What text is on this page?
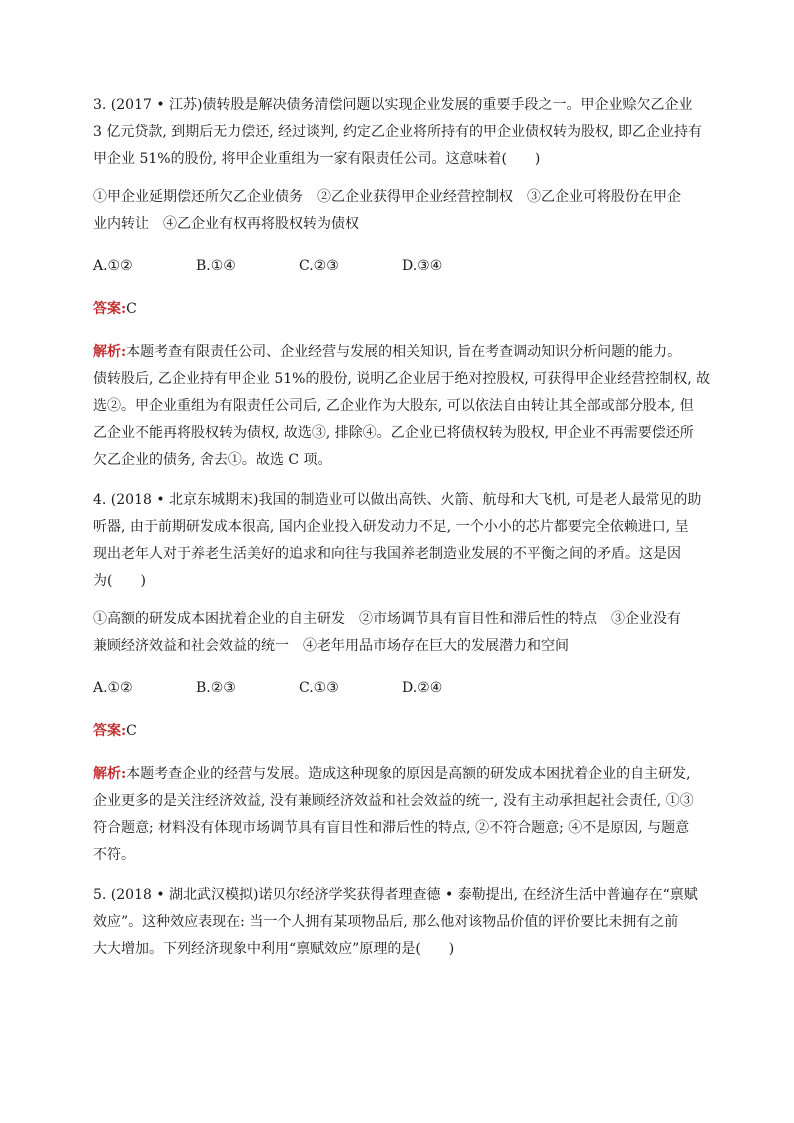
3. (2017 • 江苏)债转股是解决债务清偿问题以实现企业发展的重要手段之一。甲企业赊欠乙企业
3 亿元贷款, 到期后无力偿还, 经过谈判, 约定乙企业将所持有的甲企业债权转为股权, 即乙企业持有
甲企业 51%的股份, 将甲企业重组为一家有限责任公司。这意味着(　　)

①甲企业延期偿还所欠乙企业债务　②乙企业获得甲企业经营控制权　③乙企业可将股份在甲企
业内转让　④乙企业有权再将股权转为债权

A.①②	B.①④	C.②③	D.③④

答案:C

解析:本题考查有限责任公司、企业经营与发展的相关知识, 旨在考查调动知识分析问题的能力。
债转股后, 乙企业持有甲企业 51%的股份, 说明乙企业居于绝对控股权, 可获得甲企业经营控制权, 故
选②。甲企业重组为有限责任公司后, 乙企业作为大股东, 可以依法自由转让其全部或部分股本, 但
乙企业不能再将股权转为债权, 故选③, 排除④。乙企业已将债权转为股权, 甲企业不再需要偿还所
欠乙企业的债务, 舍去①。故选 C 项。

4. (2018 • 北京东城期末)我国的制造业可以做出高铁、火箭、航母和大飞机, 可是老人最常见的助
听器, 由于前期研发成本很高, 国内企业投入研发动力不足, 一个小小的芯片都要完全依赖进口, 呈
现出老年人对于养老生活美好的追求和向往与我国养老制造业发展的不平衡之间的矛盾。这是因
为(　　)

①高额的研发成本困扰着企业的自主研发　②市场调节具有盲目性和滞后性的特点　③企业没有
兼顾经济效益和社会效益的统一　④老年用品市场存在巨大的发展潜力和空间

A.①②	B.②③	C.①③	D.②④

答案:C

解析:本题考查企业的经营与发展。造成这种现象的原因是高额的研发成本困扰着企业的自主研发,
企业更多的是关注经济效益, 没有兼顾经济效益和社会效益的统一, 没有主动承担起社会责任, ①③
符合题意; 材料没有体现市场调节具有盲目性和滞后性的特点, ②不符合题意; ④不是原因, 与题意
不符。

5. (2018 • 湖北武汉模拟)诺贝尔经济学奖获得者理查德 • 泰勒提出, 在经济生活中普遍存在“禀赋
效应”。这种效应表现在: 当一个人拥有某项物品后, 那么他对该物品价值的评价要比未拥有之前
大大增加。下列经济现象中利用“禀赋效应”原理的是(　　)
